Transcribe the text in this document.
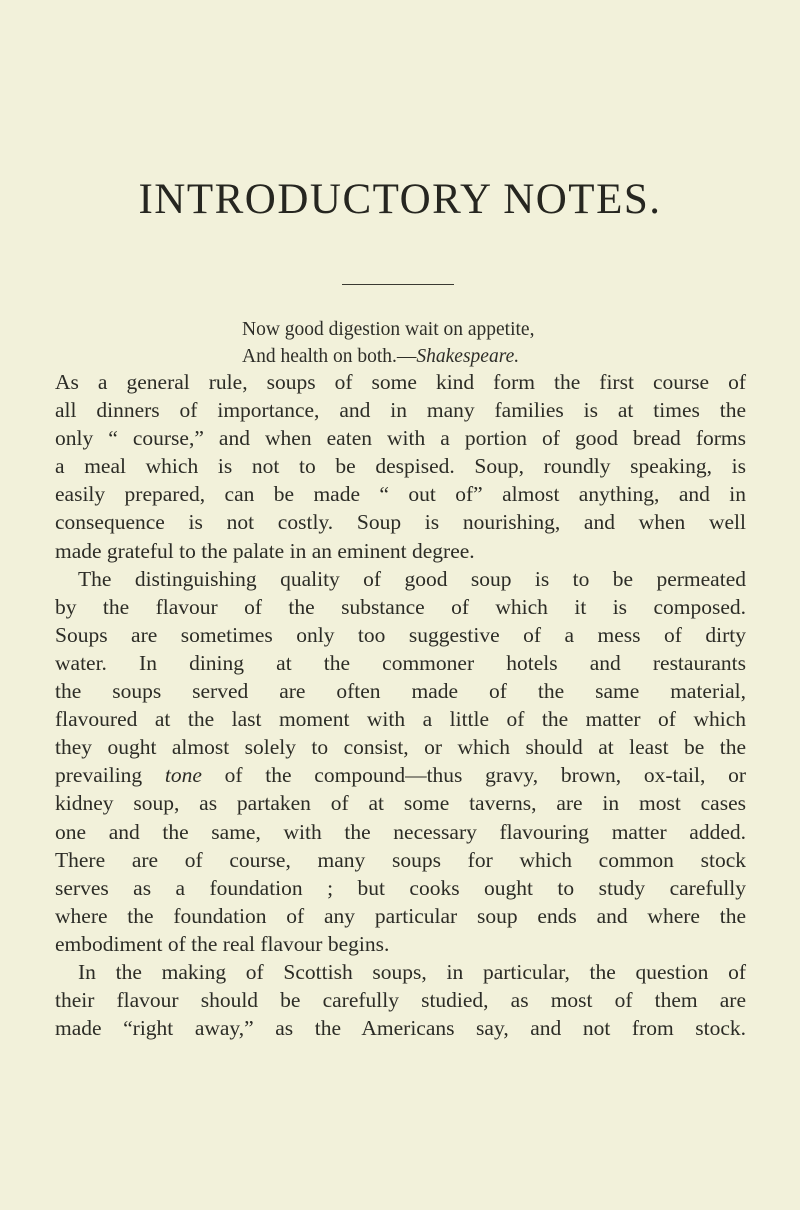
INTRODUCTORY NOTES.
Now good digestion wait on appetite,
And health on both.—Shakespeare.
As a general rule, soups of some kind form the first course of
all dinners of importance, and in many families is at times the
only “ course,” and when eaten with a portion of good bread forms
a meal which is not to be despised. Soup, roundly speaking, is
easily prepared, can be made “ out of” almost anything, and in
consequence is not costly. Soup is nourishing, and when well
made grateful to the palate in an eminent degree.
The distinguishing quality of good soup is to be permeated
by the flavour of the substance of which it is composed.
Soups are sometimes only too suggestive of a mess of dirty
water. In dining at the commoner hotels and restaurants
the soups served are often made of the same material,
flavoured at the last moment with a little of the matter of which
they ought almost solely to consist, or which should at least be the
prevailing tone of the compound—thus gravy, brown, ox-tail, or
kidney soup, as partaken of at some taverns, are in most cases
one and the same, with the necessary flavouring matter added.
There are of course, many soups for which common stock
serves as a foundation ; but cooks ought to study carefully
where the foundation of any particular soup ends and where the
embodiment of the real flavour begins.
In the making of Scottish soups, in particular, the question of
their flavour should be carefully studied, as most of them are
made “right away,” as the Americans say, and not from stock.
